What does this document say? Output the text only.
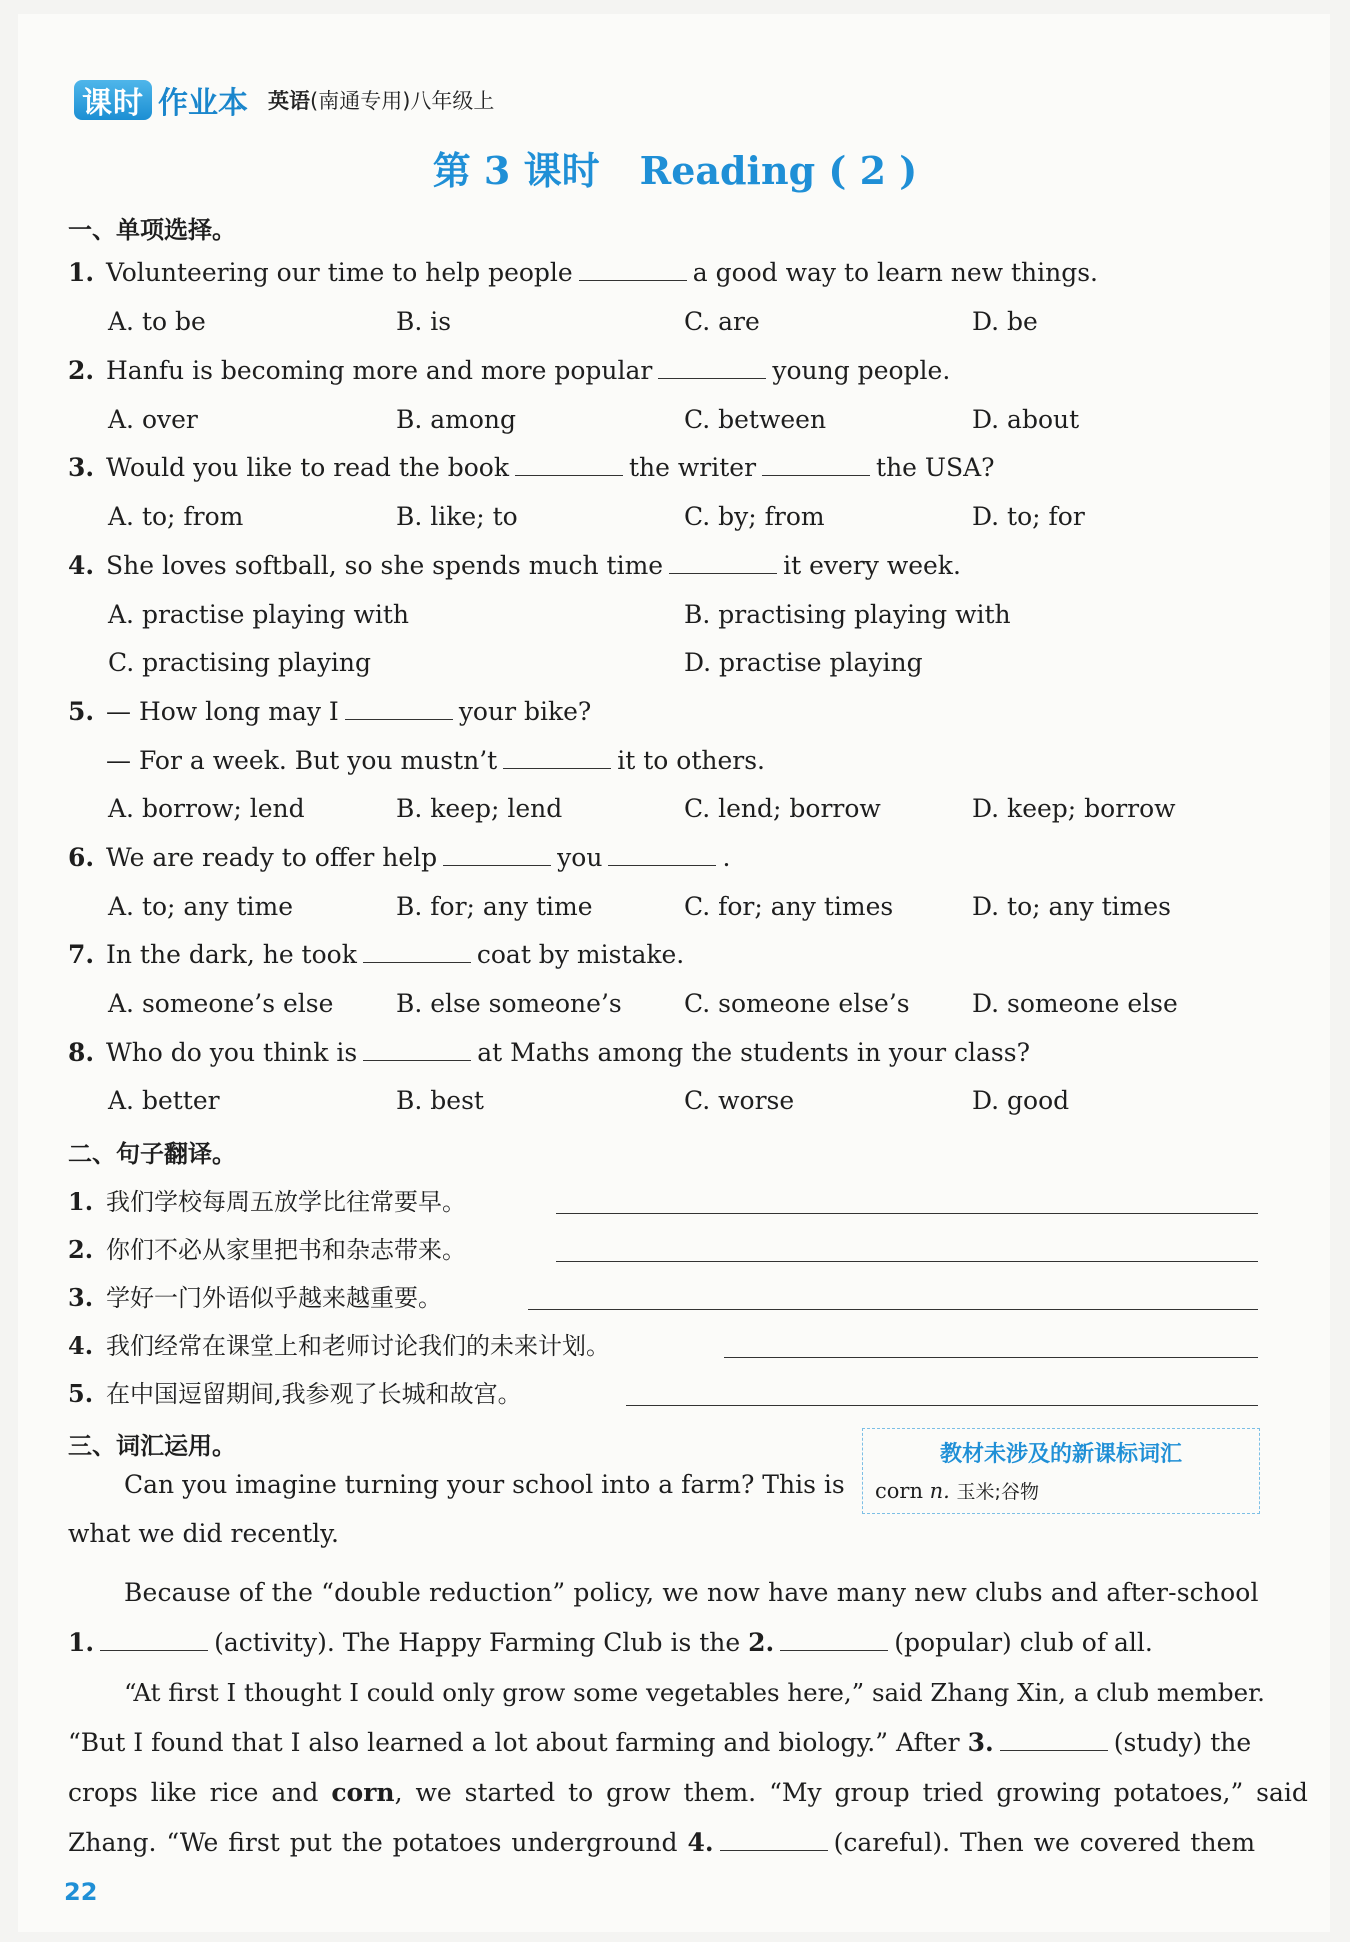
课时 作业本 英语(南通专用)八年级上
第 3 课时 Reading ( 2 )
一、单项选择。
1. Volunteering our time to help people	a good way to learn new things.
A. to be	B. is	C. are	D. be
2. Hanfu is becoming more and more popular	young people.
A. over	B. among	C. between	D. about
3. Would you like to read the book	the writer	the USA?
A. to; from	B. like; to	C. by; from	D. to; for
4. She loves softball, so she spends much time	it every week.
A. practise playing with	B. practising playing with
C. practising playing	D. practise playing
5. — How long may I	your bike?
— For a week. But you mustn’t	it to others.
A. borrow; lend	B. keep; lend	C. lend; borrow	D. keep; borrow
6. We are ready to offer help	you	.
A. to; any time	B. for; any time	C. for; any times	D. to; any times
7. In the dark, he took	coat by mistake.
A. someone’s else	B. else someone’s C. someone else’s D. someone else
8. Who do you think is	at Maths among the students in your class?
A. better	B. best	C. worse	D. good
二、句子翻译。
1. 我们学校每周五放学比往常要早。
2. 你们不必从家里把书和杂志带来。
3. 学好一门外语似乎越来越重要。
4. 我们经常在课堂上和老师讨论我们的未来计划。
5. 在中国逗留期间,我参观了长城和故宫。
三、词汇运用。	教材未涉及的新课标词汇
corn n. 玉米;谷物
Can you imagine turning your school into a farm? This is
what we did recently.
Because of the “double reduction” policy, we now have many new clubs and after-school
1.	(activity). The Happy Farming Club is the 2.	(popular) club of all.
“At first I thought I could only grow some vegetables here,” said Zhang Xin, a club member.
“But I found that I also learned a lot about farming and biology.” After 3.	(study) the
crops like rice and corn, we started to grow them. “My group tried growing potatoes,” said
Zhang. “We first put the potatoes underground 4.	(careful). Then we covered them
22
